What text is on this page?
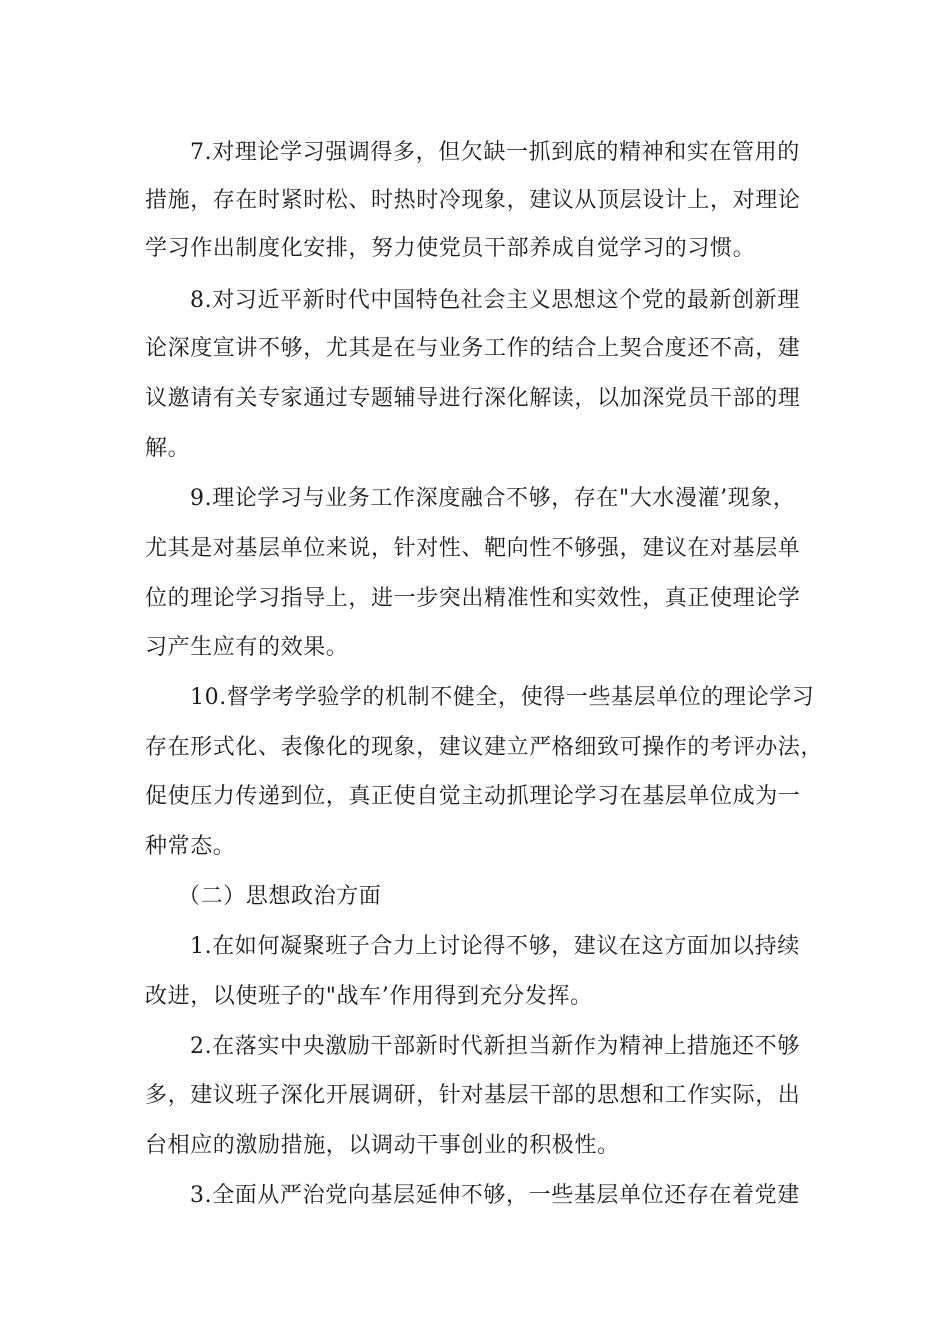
7.对理论学习强调得多，但欠缺一抓到底的精神和实在管用的
措施，存在时紧时松、时热时冷现象，建议从顶层设计上，对理论
学习作出制度化安排，努力使党员干部养成自觉学习的习惯。
8.对习近平新时代中国特色社会主义思想这个党的最新创新理
论深度宣讲不够，尤其是在与业务工作的结合上契合度还不高，建
议邀请有关专家通过专题辅导进行深化解读，以加深党员干部的理
解。
9.理论学习与业务工作深度融合不够，存在"大水漫灌’现象，
尤其是对基层单位来说，针对性、靶向性不够强，建议在对基层单
位的理论学习指导上，进一步突出精准性和实效性，真正使理论学
习产生应有的效果。
10.督学考学验学的机制不健全，使得一些基层单位的理论学习
存在形式化、表像化的现象，建议建立严格细致可操作的考评办法，
促使压力传递到位，真正使自觉主动抓理论学习在基层单位成为一
种常态。
（二）思想政治方面
1.在如何凝聚班子合力上讨论得不够，建议在这方面加以持续
改进，以使班子的"战车’作用得到充分发挥。
2.在落实中央激励干部新时代新担当新作为精神上措施还不够
多，建议班子深化开展调研，针对基层干部的思想和工作实际，出
台相应的激励措施，以调动干事创业的积极性。
3.全面从严治党向基层延伸不够，一些基层单位还存在着党建
